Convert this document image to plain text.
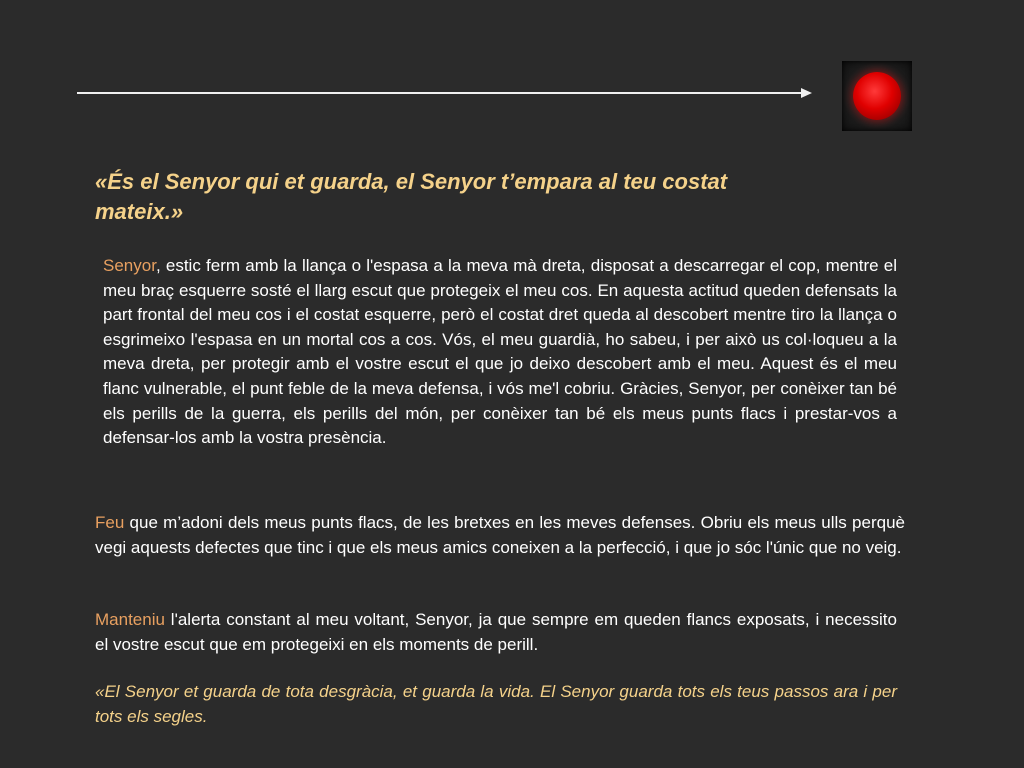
«És el Senyor qui et guarda, el Senyor t’empara al teu costat mateix.»

Senyor, estic ferm amb la llança o l'espasa a la meva mà dreta, disposat a descarregar el cop, mentre el meu braç esquerre sosté el llarg escut que protegeix el meu cos. En aquesta actitud queden defensats la part frontal del meu cos i el costat esquerre, però el costat dret queda al descobert mentre tiro la llança o esgrimeixo l'espasa en un mortal cos a cos. Vós, el meu guardià, ho sabeu, i per això us col·loqueu a la meva dreta, per protegir amb el vostre escut el que jo deixo descobert amb el meu. Aquest és el meu flanc vulnerable, el punt feble de la meva defensa, i vós me'l cobriu. Gràcies, Senyor, per conèixer tan bé els perills de la guerra, els perills del món, per conèixer tan bé els meus punts flacs i prestar-vos a defensar-los amb la vostra presència.

Feu que m’adoni dels meus punts flacs, de les bretxes en les meves defenses. Obriu els meus ulls perquè vegi aquests defectes que tinc i que els meus amics coneixen a la perfecció, i que jo sóc l'únic que no veig.

Manteniu l'alerta constant al meu voltant, Senyor, ja que sempre em queden flancs exposats, i necessito el vostre escut que em protegeixi en els moments de perill.

«El Senyor et guarda de tota desgràcia, et guarda la vida. El Senyor guarda tots els teus passos ara i per tots els segles.
